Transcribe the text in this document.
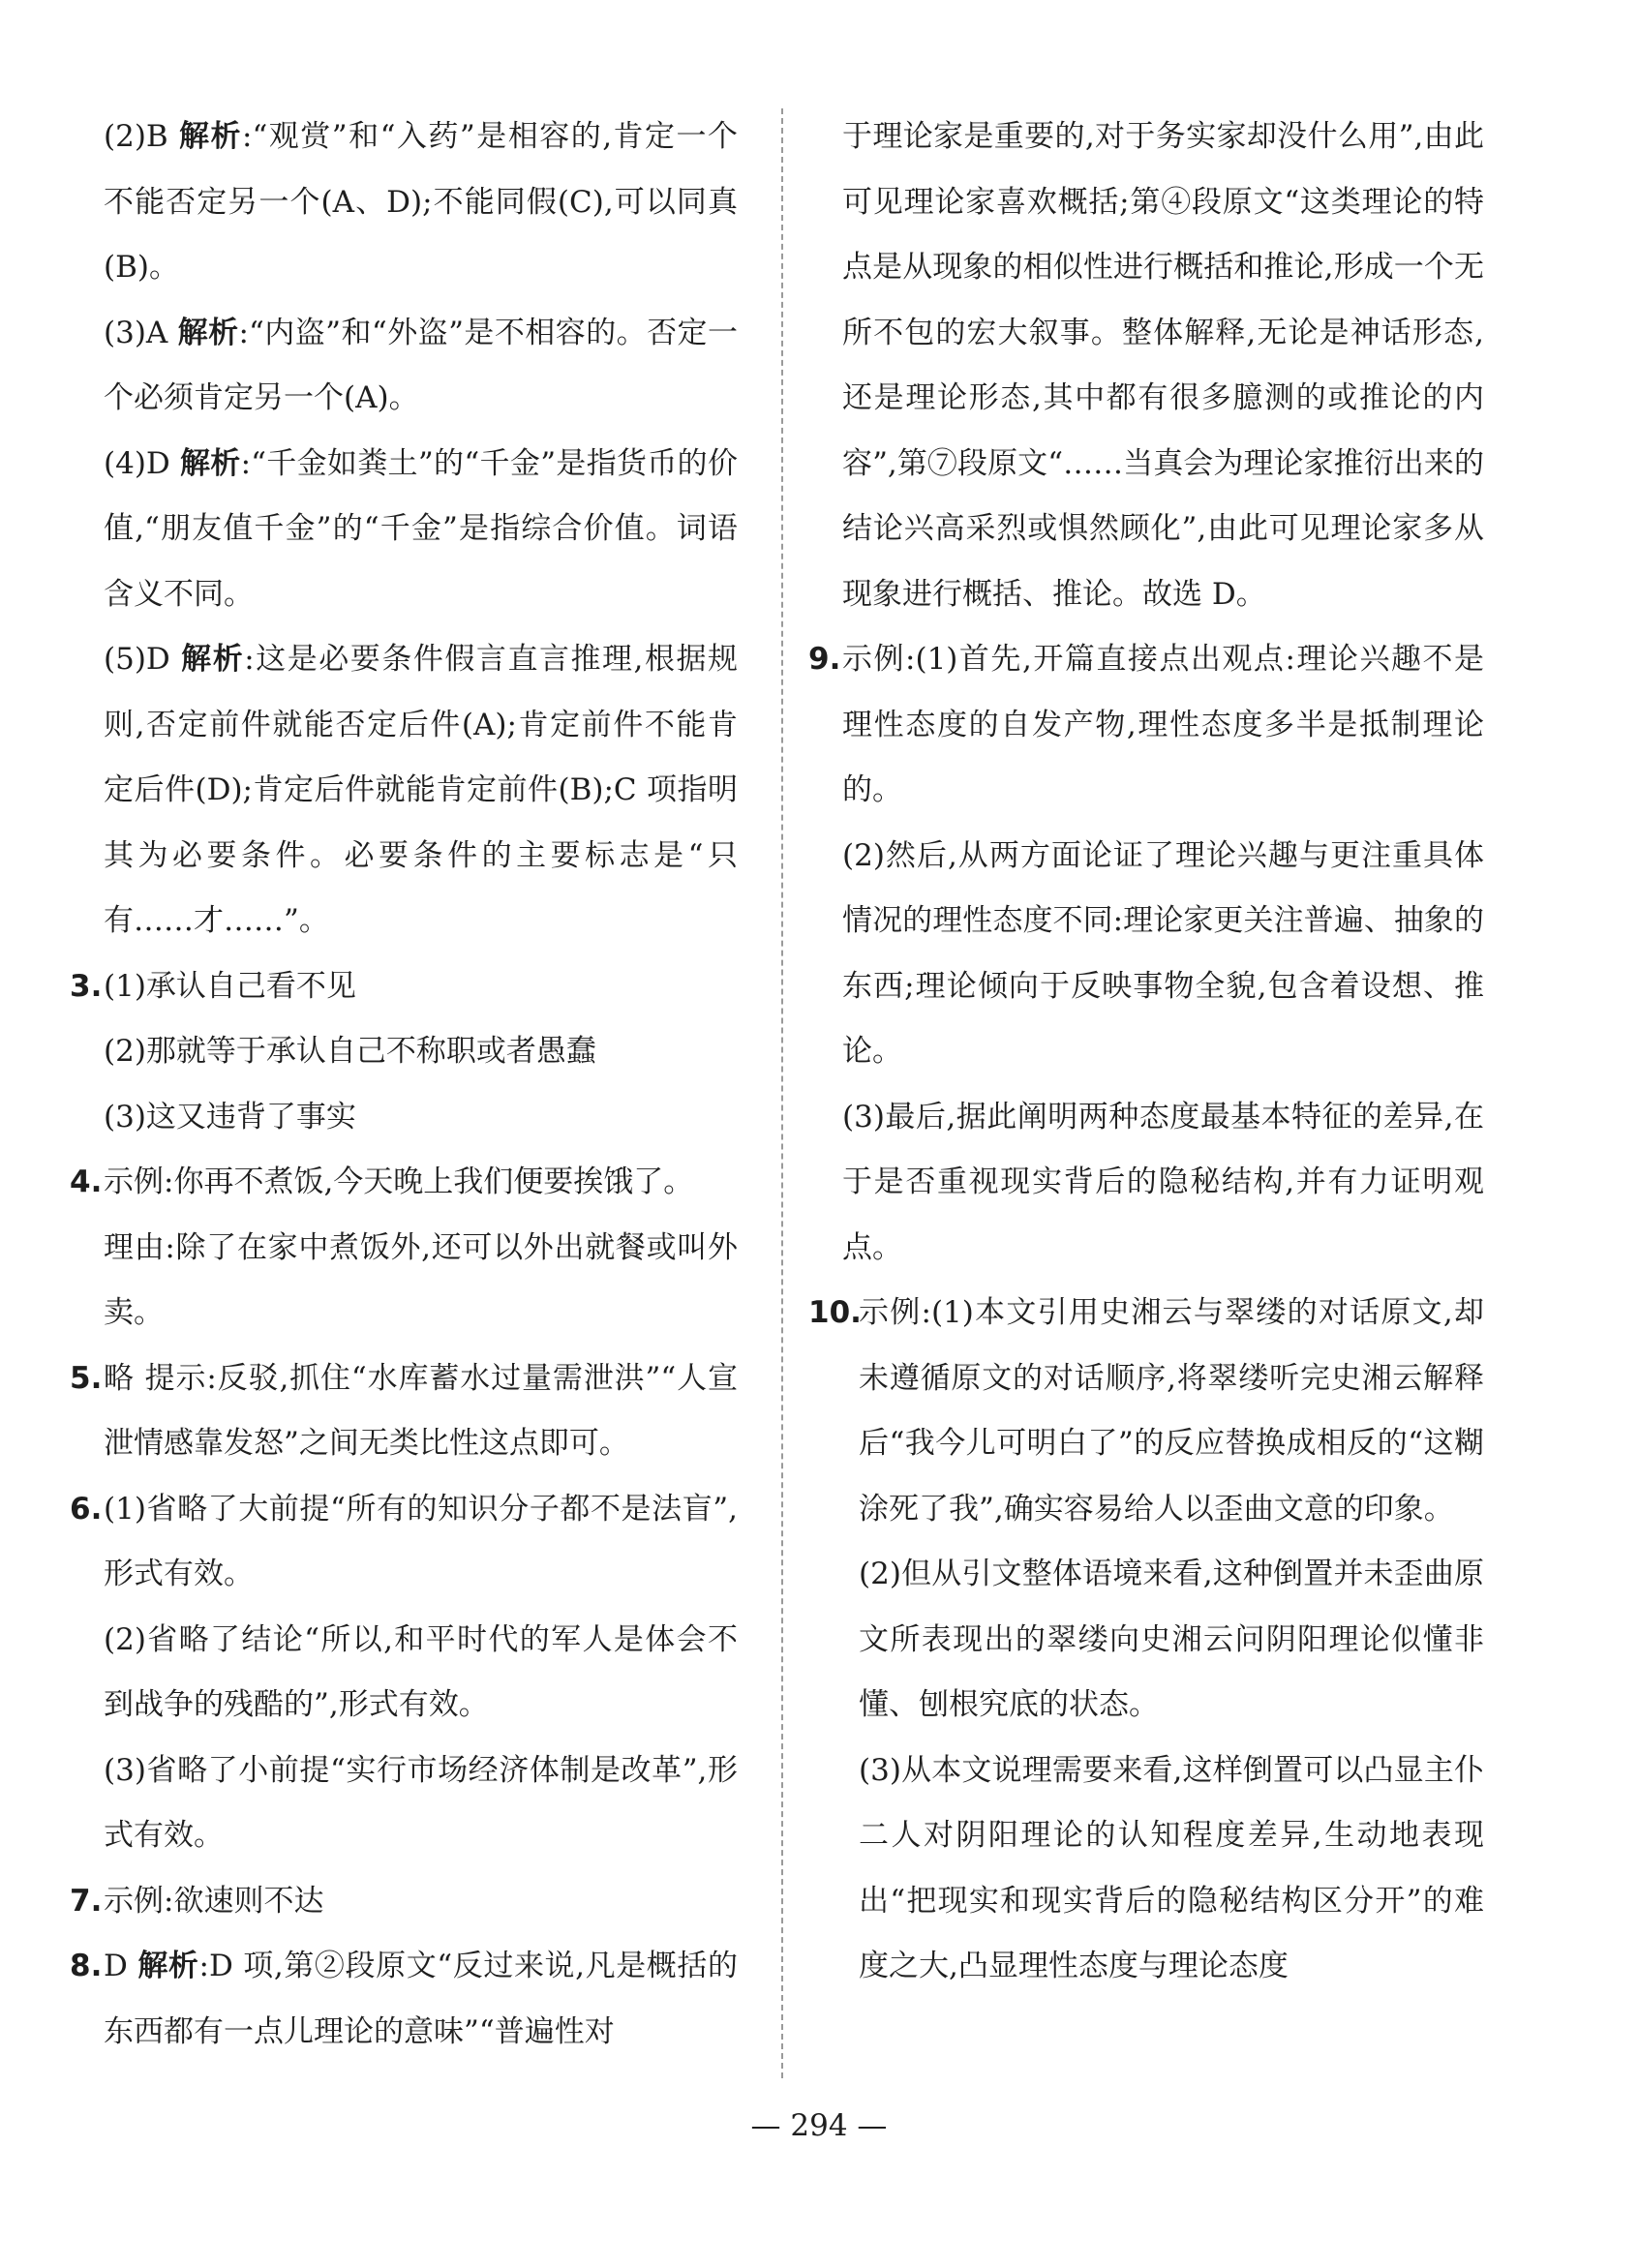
(2)B 解析:“观赏”和“入药”是相容的,肯定一个不能否定另一个(A、D);不能同假(C),可以同真(B)。

(3)A 解析:“内盗”和“外盗”是不相容的。否定一个必须肯定另一个(A)。

(4)D 解析:“千金如粪土”的“千金”是指货币的价值,“朋友值千金”的“千金”是指综合价值。词语含义不同。

(5)D 解析:这是必要条件假言直言推理,根据规则,否定前件就能否定后件(A);肯定前件不能肯定后件(D);肯定后件就能肯定前件(B);C 项指明其为必要条件。必要条件的主要标志是“只有……才……”。

3. (1)承认自己看不见

(2)那就等于承认自己不称职或者愚蠢

(3)这又违背了事实

4. 示例:你再不煮饭,今天晚上我们便要挨饿了。

理由:除了在家中煮饭外,还可以外出就餐或叫外卖。

5. 略 提示:反驳,抓住“水库蓄水过量需泄洪”“人宣泄情感靠发怒”之间无类比性这点即可。

6. (1)省略了大前提“所有的知识分子都不是法盲”,形式有效。

(2)省略了结论“所以,和平时代的军人是体会不到战争的残酷的”,形式有效。

(3)省略了小前提“实行市场经济体制是改革”,形式有效。

7. 示例:欲速则不达

8. D 解析:D 项,第②段原文“反过来说,凡是概括的东西都有一点儿理论的意味”“普遍性对

于理论家是重要的,对于务实家却没什么用”,由此可见理论家喜欢概括;第④段原文“这类理论的特点是从现象的相似性进行概括和推论,形成一个无所不包的宏大叙事。整体解释,无论是神话形态,还是理论形态,其中都有很多臆测的或推论的内容”,第⑦段原文“……当真会为理论家推衍出来的结论兴高采烈或惧然顾化”,由此可见理论家多从现象进行概括、推论。故选 D。

9. 示例:(1)首先,开篇直接点出观点:理论兴趣不是理性态度的自发产物,理性态度多半是抵制理论的。

(2)然后,从两方面论证了理论兴趣与更注重具体情况的理性态度不同:理论家更关注普遍、抽象的东西;理论倾向于反映事物全貌,包含着设想、推论。

(3)最后,据此阐明两种态度最基本特征的差异,在于是否重视现实背后的隐秘结构,并有力证明观点。

10.

示例:(1)本文引用史湘云与翠缕的对话原文,却未遵循原文的对话顺序,将翠缕听完史湘云解释后“我今儿可明白了”的反应替换成相反的“这糊涂死了我”,确实容易给人以歪曲文意的印象。

(2)但从引文整体语境来看,这种倒置并未歪曲原文所表现出的翠缕向史湘云问阴阳理论似懂非懂、刨根究底的状态。

(3)从本文说理需要来看,这样倒置可以凸显主仆二人对阴阳理论的认知程度差异,生动地表现出“把现实和现实背后的隐秘结构区分开”的难度之大,凸显理性态度与理论态度

— 294 —
